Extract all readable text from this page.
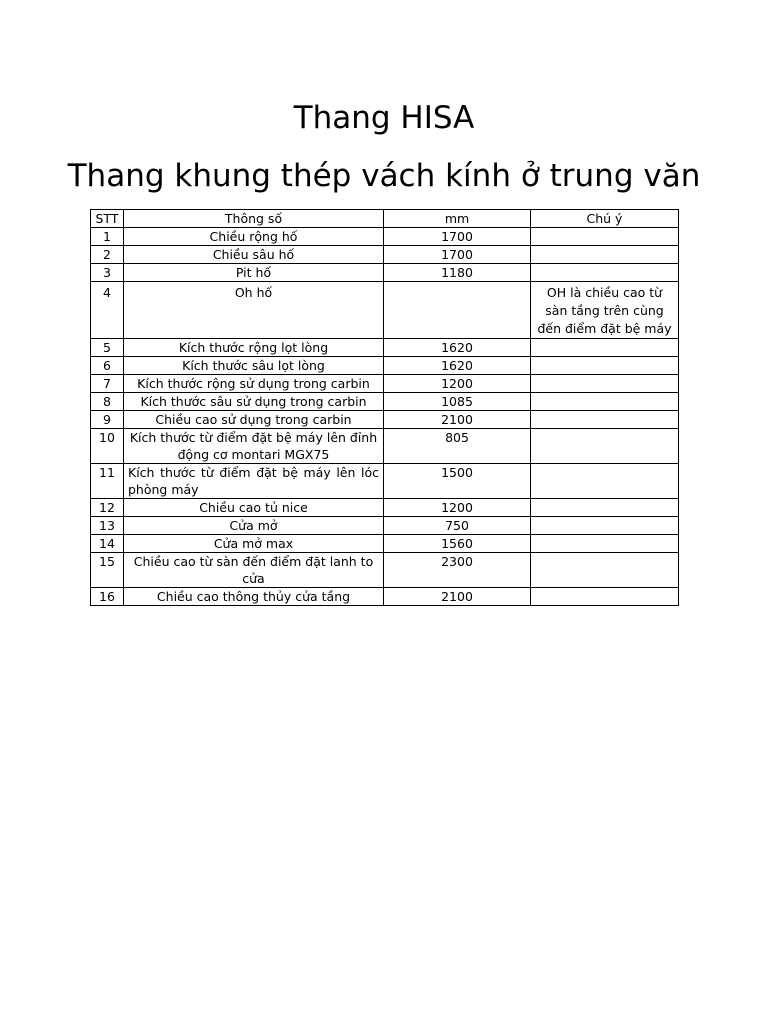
Thang HISA
Thang khung thép vách kính ở trung văn
STT	Thông số	mm	Chú ý
1	Chiều rộng hố	1700	
2	Chiều sâu hố	1700	
3	Pit hố	1180	
4	Oh hố		OH là chiều cao từ sàn tầng trên cùng đến điểm đặt bệ máy
5	Kích thước rộng lọt lòng	1620	
6	Kích thước sâu lọt lòng	1620	
7	Kích thước rộng sử dụng trong carbin	1200	
8	Kích thước sâu sử dụng trong carbin	1085	
9	Chiều cao sử dụng trong carbin	2100	
10	Kích thước từ điểm đặt bệ máy lên đỉnh động cơ montari MGX75	805	
11	Kích thước từ điểm đặt bệ máy lên lóc phòng máy	1500	
12	Chiều cao tủ nice	1200	
13	Cửa mở	750	
14	Cửa mở max	1560	
15	Chiều cao từ sàn đến điểm đặt lanh to cửa	2300	
16	Chiều cao thông thủy cửa tầng	2100	
